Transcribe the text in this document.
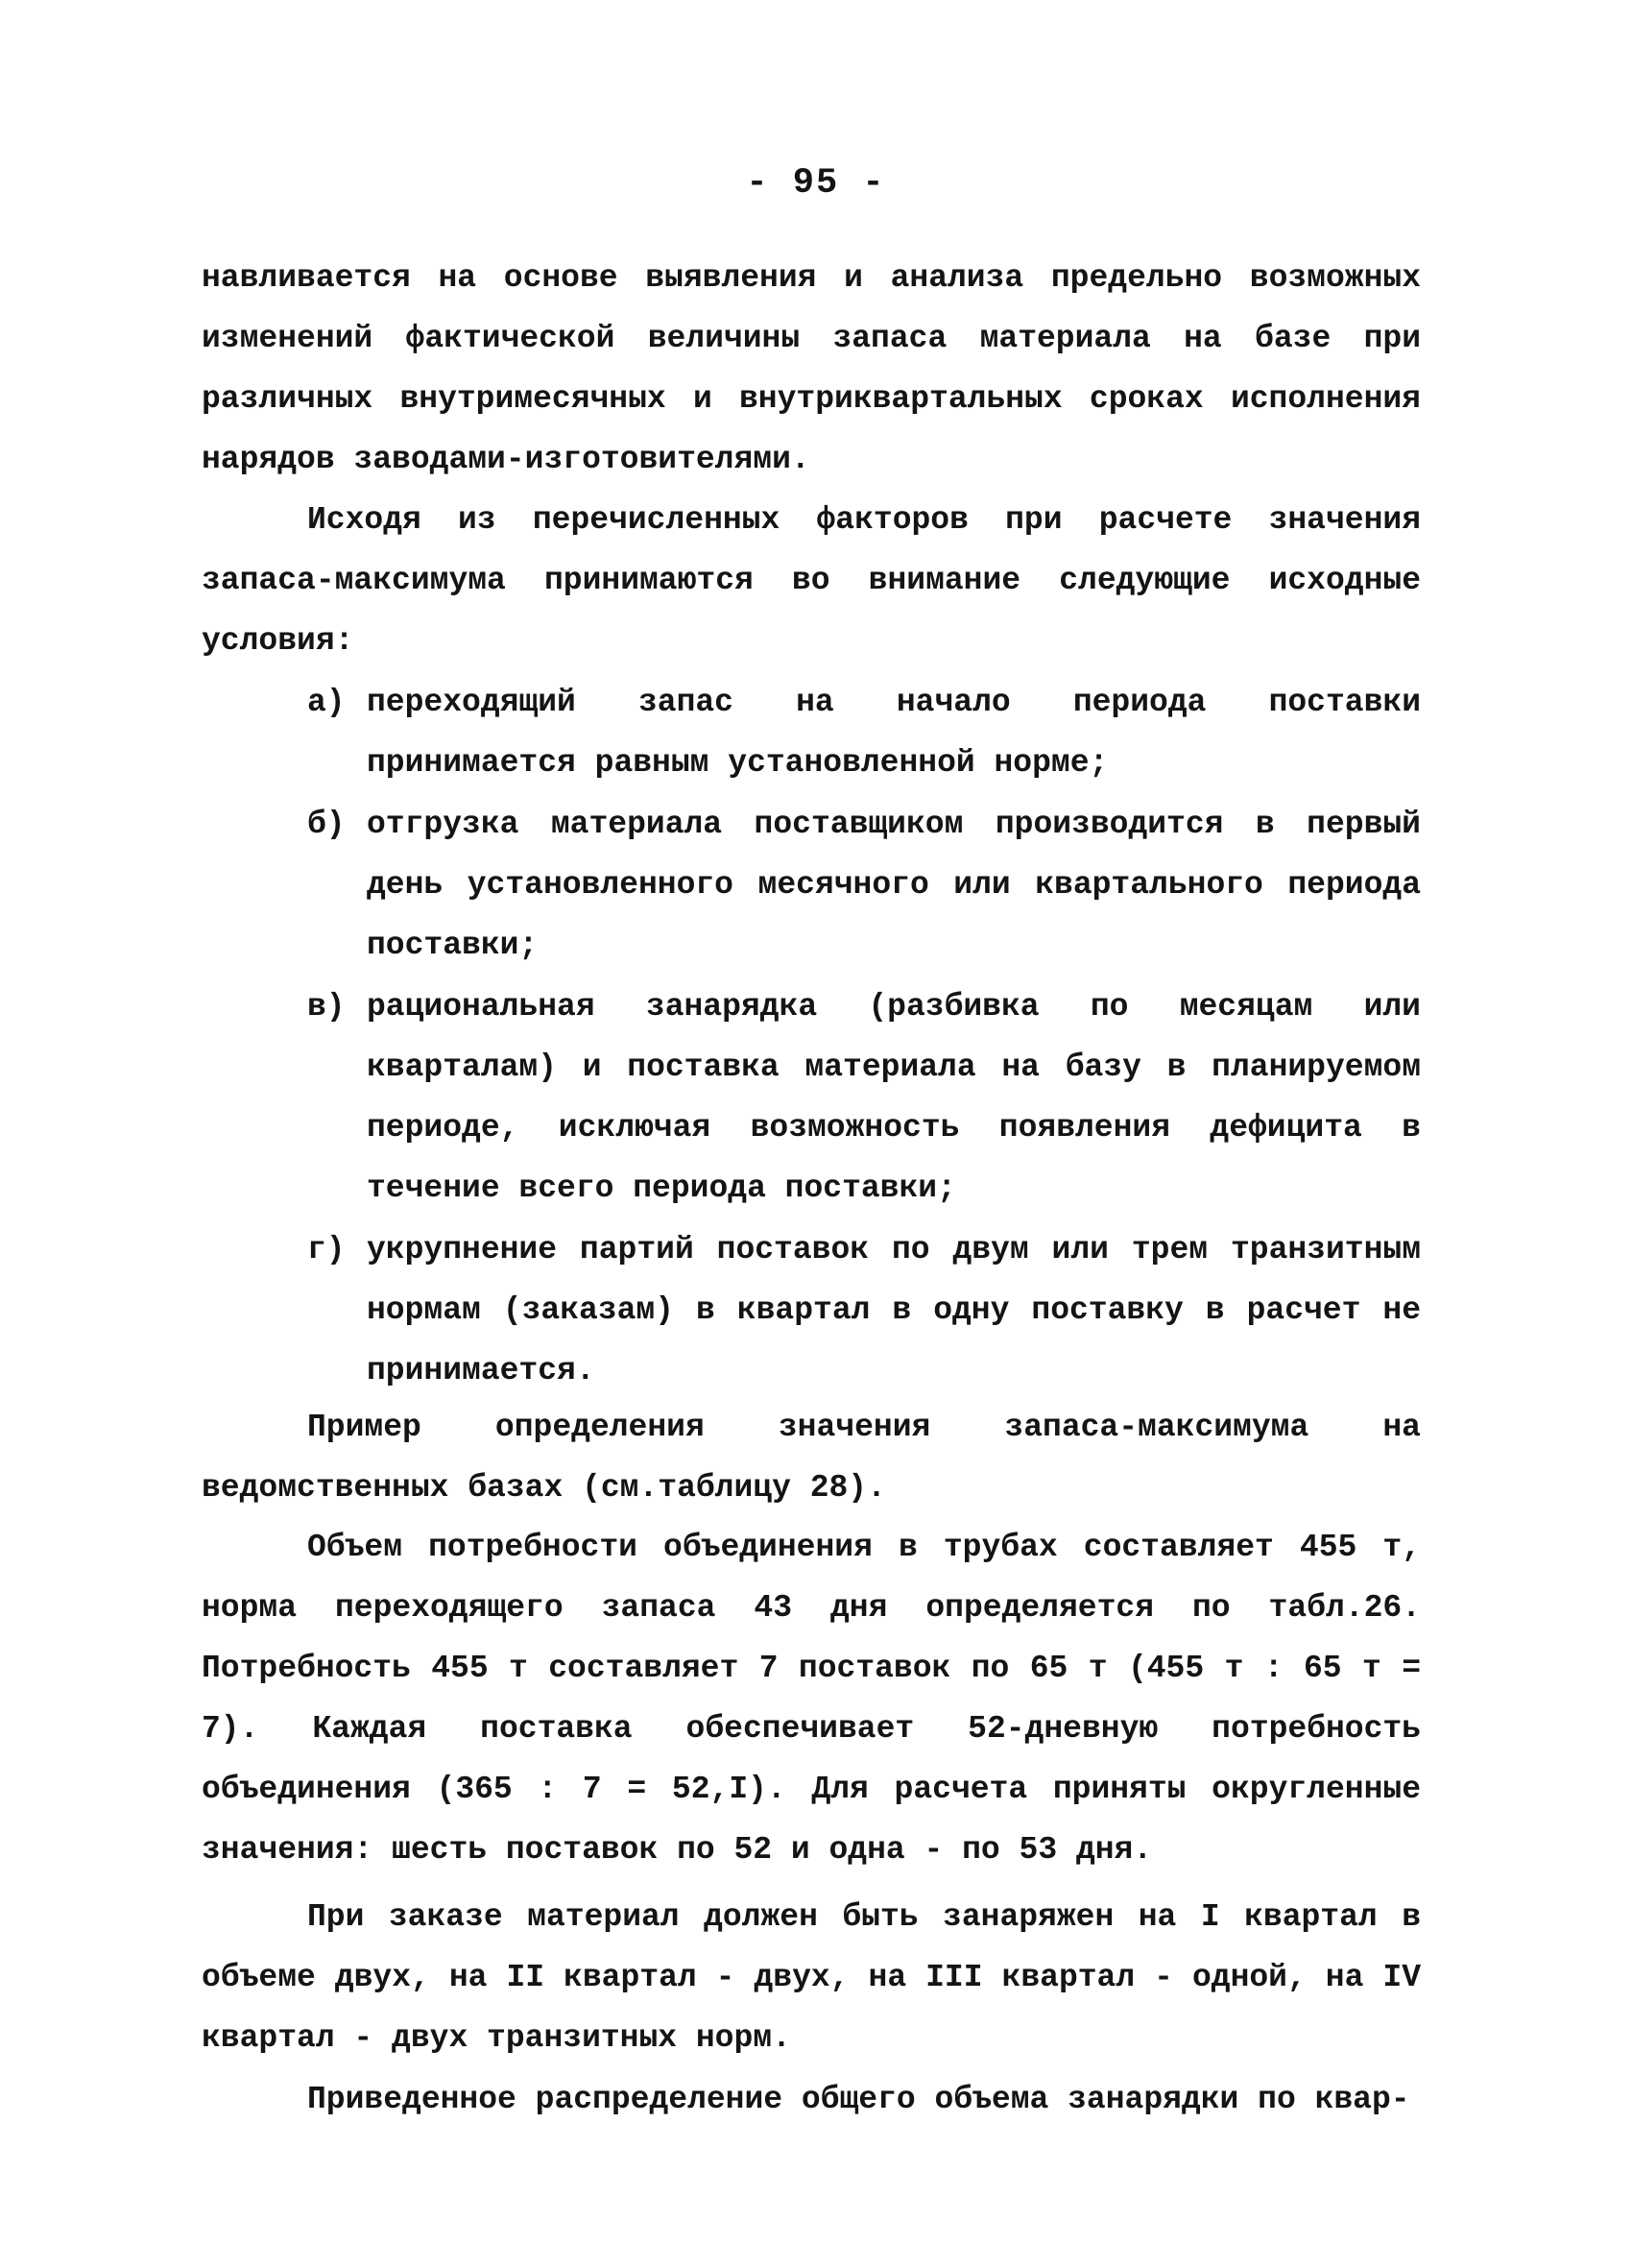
- 95 -

навливается на основе выявления и анализа предельно возможных изменений фактической величины запаса материала на базе при различных внутримесячных и внутриквартальных сроках исполнения нарядов заводами-изготовителями.

Исходя из перечисленных факторов при расчете значения запаса-максимума принимаются во внимание следующие исходные условия:

а) переходящий запас на начало периода поставки принимается равным установленной норме;
б) отгрузка материала поставщиком производится в первый день установленного месячного или квартального периода поставки;
в) рациональная занарядка (разбивка по месяцам или кварталам) и поставка материала на базу в планируемом периоде, исключая возможность появления дефицита в течение всего периода поставки;
г) укрупнение партий поставок по двум или трем транзитным нормам (заказам) в квартал в одну поставку в расчет не принимается.

Пример определения значения запаса-максимума на ведомственных базах (см.таблицу 28).

Объем потребности объединения в трубах составляет 455 т, норма переходящего запаса 43 дня определяется по табл.26. Потребность 455 т составляет 7 поставок по 65 т (455 т : 65 т = 7). Каждая поставка обеспечивает 52-дневную потребность объединения (365 : 7 = 52,I). Для расчета приняты округленные значения: шесть поставок по 52 и одна - по 53 дня.

При заказе материал должен быть занаряжен на I квартал в объеме двух, на II квартал - двух, на III квартал - одной, на IV квартал - двух транзитных норм.

Приведенное распределение общего объема занарядки по квар-
